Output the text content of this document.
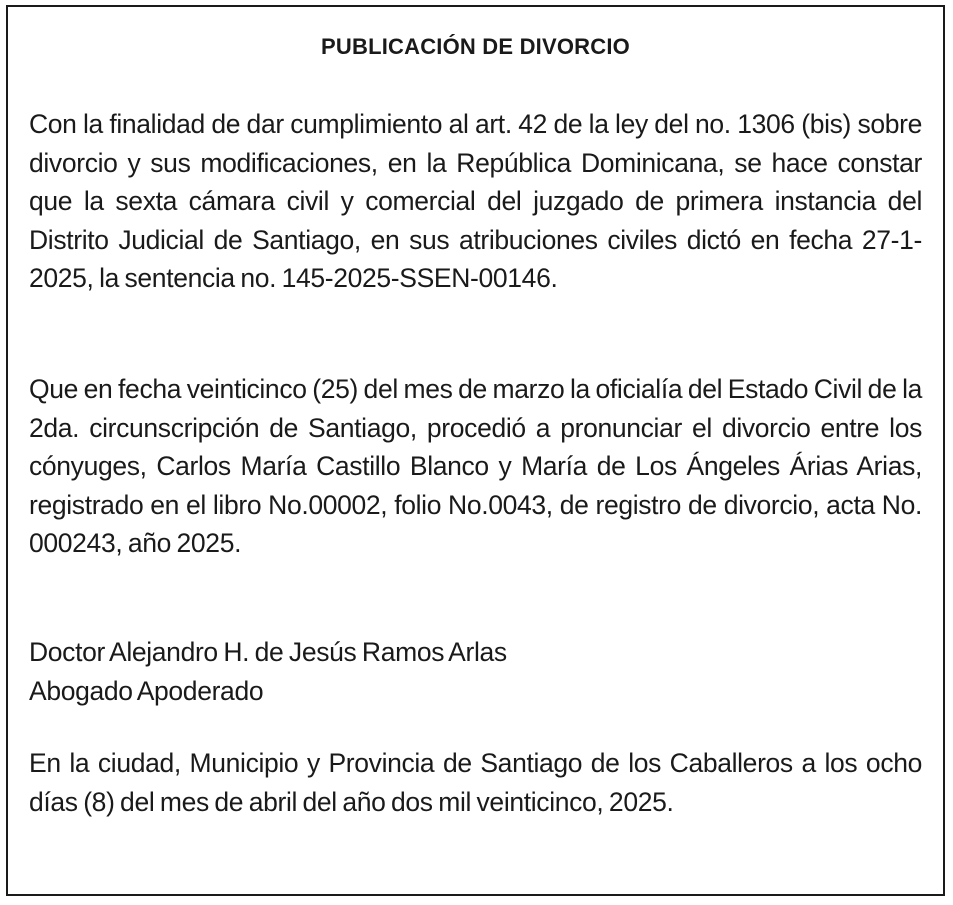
PUBLICACIÓN DE DIVORCIO

Con la finalidad de dar cumplimiento al art. 42 de la ley del no. 1306 (bis) sobre divorcio y sus modificaciones, en la República Dominicana, se hace constar que la sexta cámara civil y comercial del juzgado de primera instancia del Distrito Judicial de Santiago, en sus atribuciones civiles dictó en fecha 27-1-2025, la sentencia no. 145-2025-SSEN-00146.

Que en fecha veinticinco (25) del mes de marzo la oficialía del Estado Civil de la 2da. circunscripción de Santiago, procedió a pronunciar el divorcio entre los cónyuges, Carlos María Castillo Blanco y María de Los Ángeles Árias Arias, registrado en el libro No.00002, folio No.0043, de registro de divorcio, acta No. 000243, año 2025.

Doctor Alejandro H. de Jesús Ramos Arlas
Abogado Apoderado

En la ciudad, Municipio y Provincia de Santiago de los Caballeros a los ocho días (8) del mes de abril del año dos mil veinticinco, 2025.
